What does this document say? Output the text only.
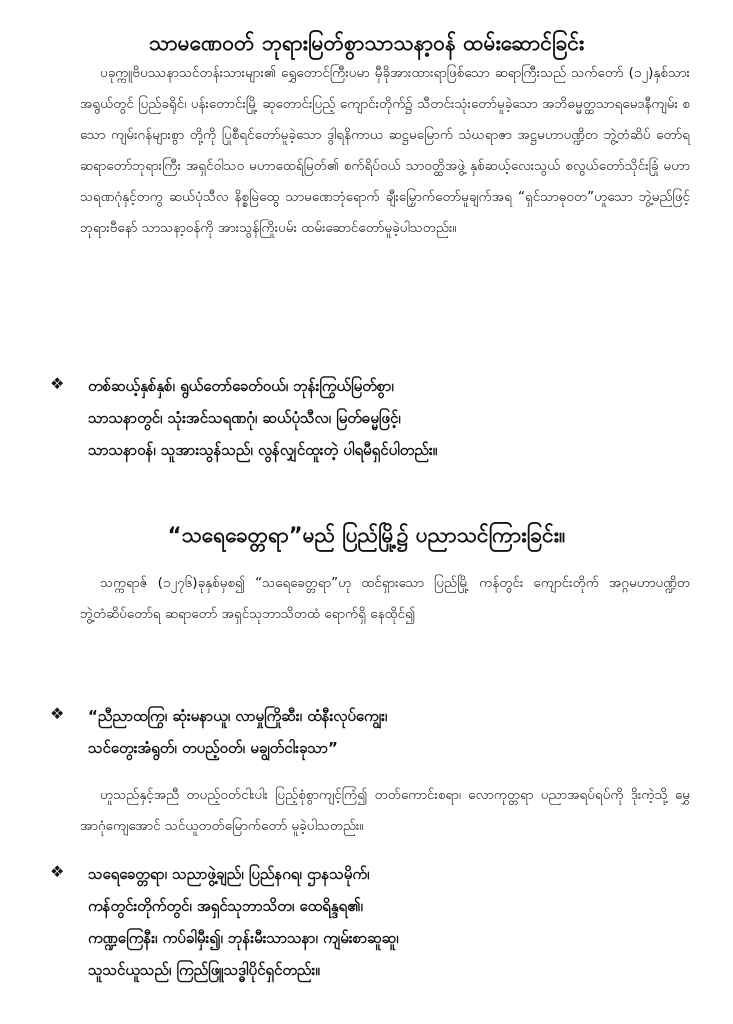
သာမဏေဝတ် ဘုရားမြတ်စွာသာသနာ့ဝန် ထမ်းဆောင်ခြင်း

ပခုက္ကူဗိပဿနာသင်တန်းသားများ၏ ရွှေတောင်ကြီးပမာ မှီခိုအားထားရာဖြစ်သော ဆရာကြီးသည် သက်တော် (၁၂)နှစ်သားအရွယ်တွင် ပြည်ခရိုင်၊ ပန်းတောင်းမြို့ ဆုတောင်းပြည့် ကျောင်းတိုက်၌ သီတင်းသုံးတော်မူခဲ့သော အဘိဓမ္မတ္ထသာရမေဒနီကျမ်း စသော ကျမ်းဂန်များစွာ တို့ကို ပြုစီရင်တော်မူခဲ့သော ဒွါရနိကာယ ဆဋ္ဌမမြောက် သံဃရာဇာ အဋ္ဌမဟာပဏ္ဍိတ ဘွဲ့တံဆိပ် တော်ရ ဆရာတော်ဘုရားကြီး အရှင်ဝါသဝ မဟာထေရ်မြတ်၏ စက်ရိပ်ဝယ် သာဝတ္ထိအဖွဲ့ နှစ်ဆယ့်လေးသွယ် စလွယ်တော်သိုင်းခြုံ မဟာသရဏဂုံနှင့်တကွ ဆယ်ပုံသီလ နိစ္စမြဲထွေ သာမဏေဘုံရောက် ချီးမြှောက်တော်မူချက်အရ “ရှင်သာဓုဝတ”ဟူသော ဘွဲ့မည်ဖြင့် ဘုရားဗီနော် သာသနာ့ဝန်ကို အားသွန်ကြိုးပမ်း ထမ်းဆောင်တော်မူခဲ့ပါသတည်း။

❖ တစ်ဆယ့်နှစ်နှစ်၊ ရွယ်တော်ခေတ်ဝယ်၊ ဘုန်းကြွယ်မြတ်စွာ၊
သာသနာတွင်၊ သုံးအင်သရဏဂုံ၊ ဆယ်ပုံသီလ၊ မြတ်ဓမ္မဖြင့်၊
သာသနာဝန်၊ သူအားသွန်သည်၊ လွန်လျှင်ထူးတဲ့ ပါရမီရှင်ပါတည်း။
“သရေခေတ္တရာ”မည် ပြည်မြို့၌ ပညာသင်ကြားခြင်း။

သက္ကရာဇ် (၁၂၇၆)ခုနှစ်မှစ၍ “သရေခေတ္တရာ”ဟု ထင်ရှားသော ပြည်မြို့ ကန်တွင်း ကျောင်းတိုက် အဂ္ဂမဟာပဏ္ဍိတ ဘွဲ့တံဆိပ်တော်ရ ဆရာတော် အရှင်သုဘာသိတထံ ရောက်ရှိ နေထိုင်၍

❖ “ညီညာထကြွ၊ ဆုံးမနာယူ၊ လာမှုကြိုဆီး၊ ထံနီးလုပ်ကျွေး၊
သင်တွေးအံရွတ်၊ တပည့်ဝတ်၊ မချွတ်ငါးခုသာ”

ဟူသည်နှင့်အညီ တပည့်ဝတ်ငါးပါး ပြည့်စုံစွာကျင့်ကြံ၍ တတ်ကောင်းစရာ၊ လောကုတ္တရာ ပညာအရပ်ရပ်ကို ဒိုးကဲ့သို့ မွှေ အာဂုံကျေအောင် သင်ယူတတ်မြောက်တော် မူခဲ့ပါသတည်း။

❖ သရေခေတ္တရာ၊ သညာဖွဲ့ချည်၊ ပြည်နဂရ၊ ဌာနသမိုက်၊
ကန်တွင်းတိုက်တွင်၊ အရှင်သုဘာသိတ၊ ထေရိန္ဒရ၏၊
ကဏ္ဍကြေနီး၊ ကပ်ခါမှီး၍၊ ဘုန်းမီးသာသနာ၊ ကျမ်းစာဆူဆူ၊
သူသင်ယူသည်၊ ကြည်ဖြူသဒ္ဓါပိုင်ရှင်တည်း။
